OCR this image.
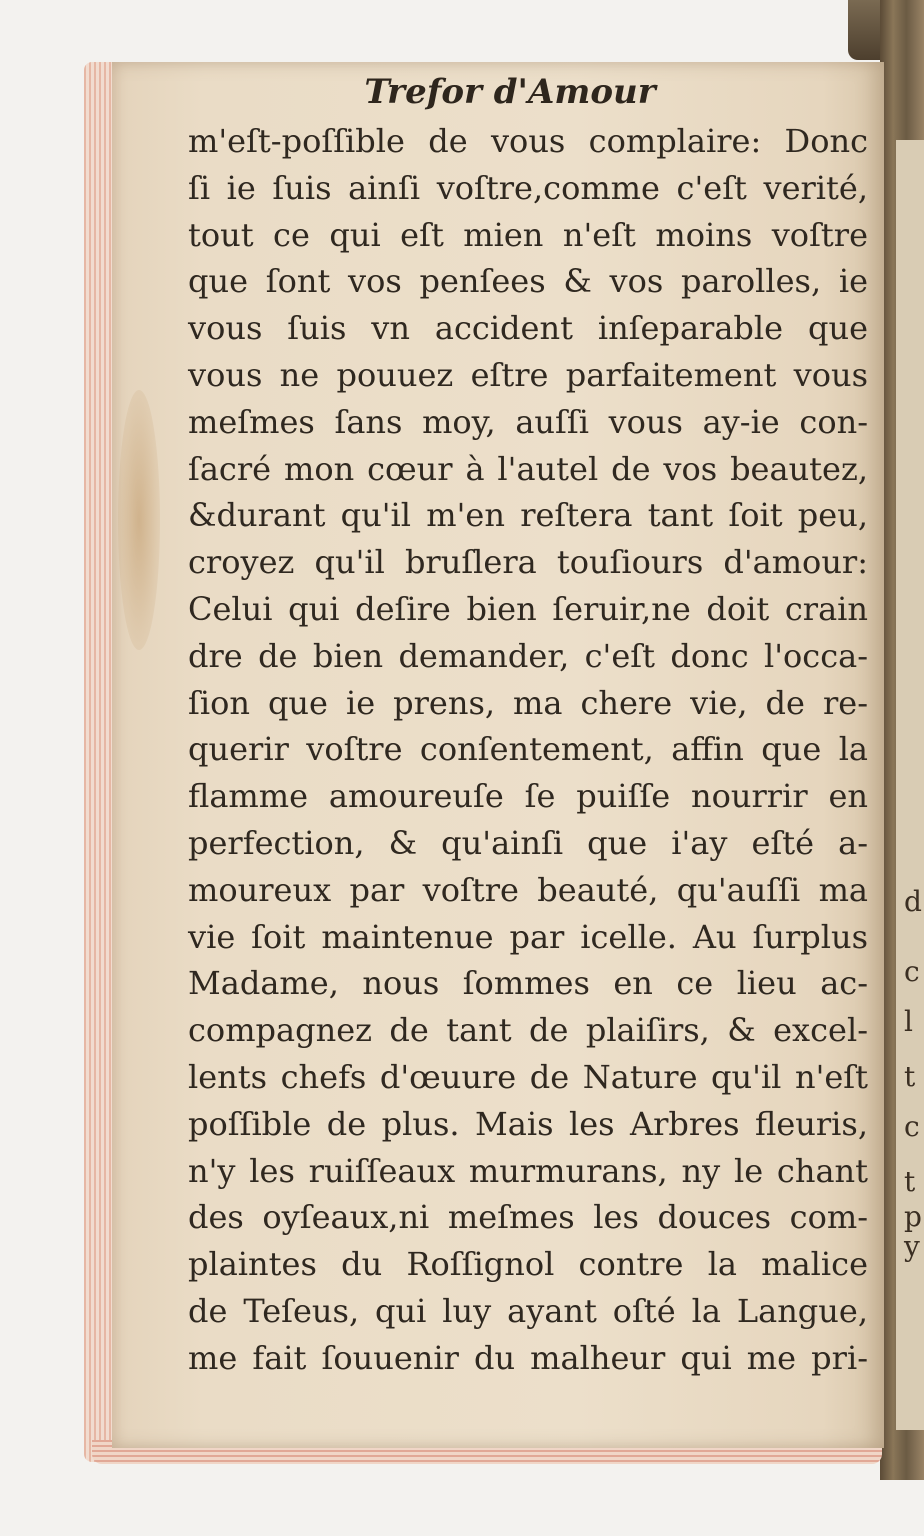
d
c
l
t
c
t
p
y
Trefor d'Amour
m'eſt-poſſible de vous complaire: Donc
ſi ie ſuis ainſi voſtre,comme c'eſt verité,
tout ce qui eſt mien n'eſt moins voſtre
que ſont vos penſees & vos parolles, ie
vous ſuis vn accident inſeparable que
vous ne pouuez eſtre parfaitement vous
meſmes ſans moy, auſſi vous ay-ie con-
ſacré mon cœur à l'autel de vos beautez,
&durant qu'il m'en reſtera tant ſoit peu,
croyez qu'il bruſlera touſiours d'amour:
Celui qui deſire bien ſeruir,ne doit crain
dre de bien demander, c'eſt donc l'occa-
ſion que ie prens, ma chere vie, de re-
querir voſtre conſentement, affin que la
flamme amoureuſe ſe puiſſe nourrir en
perfection, & qu'ainſi que i'ay eſté a-
moureux par voſtre beauté, qu'auſſi ma
vie ſoit maintenue par icelle. Au ſurplus
Madame, nous ſommes en ce lieu ac-
compagnez de tant de plaiſirs, & excel-
lents chefs d'œuure de Nature qu'il n'eſt
poſſible de plus. Mais les Arbres fleuris,
n'y les ruiſſeaux murmurans, ny le chant
des oyſeaux,ni meſmes les douces com-
plaintes du Roſſignol contre la malice
de Teſeus, qui luy ayant oſté la Langue,
me fait ſouuenir du malheur qui me pri-
